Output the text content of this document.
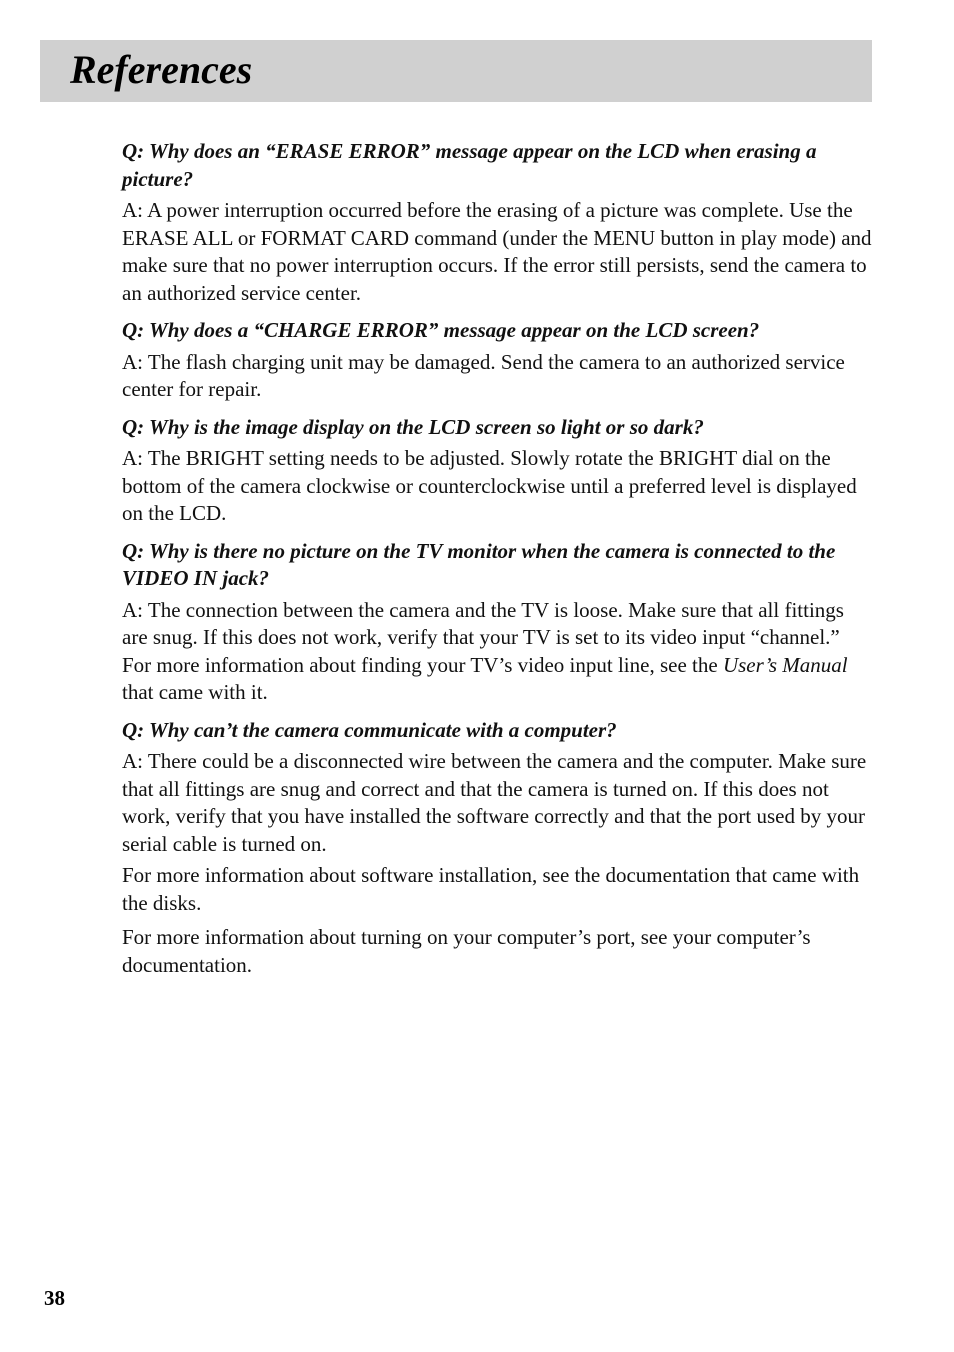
References

Q: Why does an “ERASE ERROR” message appear on the LCD when erasing a picture?

A: A power interruption occurred before the erasing of a picture was complete. Use the ERASE ALL or FORMAT CARD command (under the MENU button in play mode) and make sure that no power interruption occurs. If the error still persists, send the camera to an authorized service center.

Q: Why does a “CHARGE ERROR” message appear on the LCD screen?

A: The flash charging unit may be damaged. Send the camera to an authorized service center for repair.

Q: Why is the image display on the LCD screen so light or so dark?

A: The BRIGHT setting needs to be adjusted. Slowly rotate the BRIGHT dial on the bottom of the camera clockwise or counterclockwise until a preferred level is displayed on the LCD.

Q: Why is there no picture on the TV monitor when the camera is connected to the VIDEO IN jack?

A: The connection between the camera and the TV is loose. Make sure that all fittings are snug. If this does not work, verify that your TV is set to its video input “channel.” For more information about finding your TV’s video input line, see the User’s Manual that came with it.

Q: Why can’t the camera communicate with a computer?

A: There could be a disconnected wire between the camera and the computer. Make sure that all fittings are snug and correct and that the camera is turned on. If this does not work, verify that you have installed the software correctly and that the port used by your serial cable is turned on.

For more information about software installation, see the documentation that came with the disks.

For more information about turning on your computer’s port, see your computer’s documentation.

38
